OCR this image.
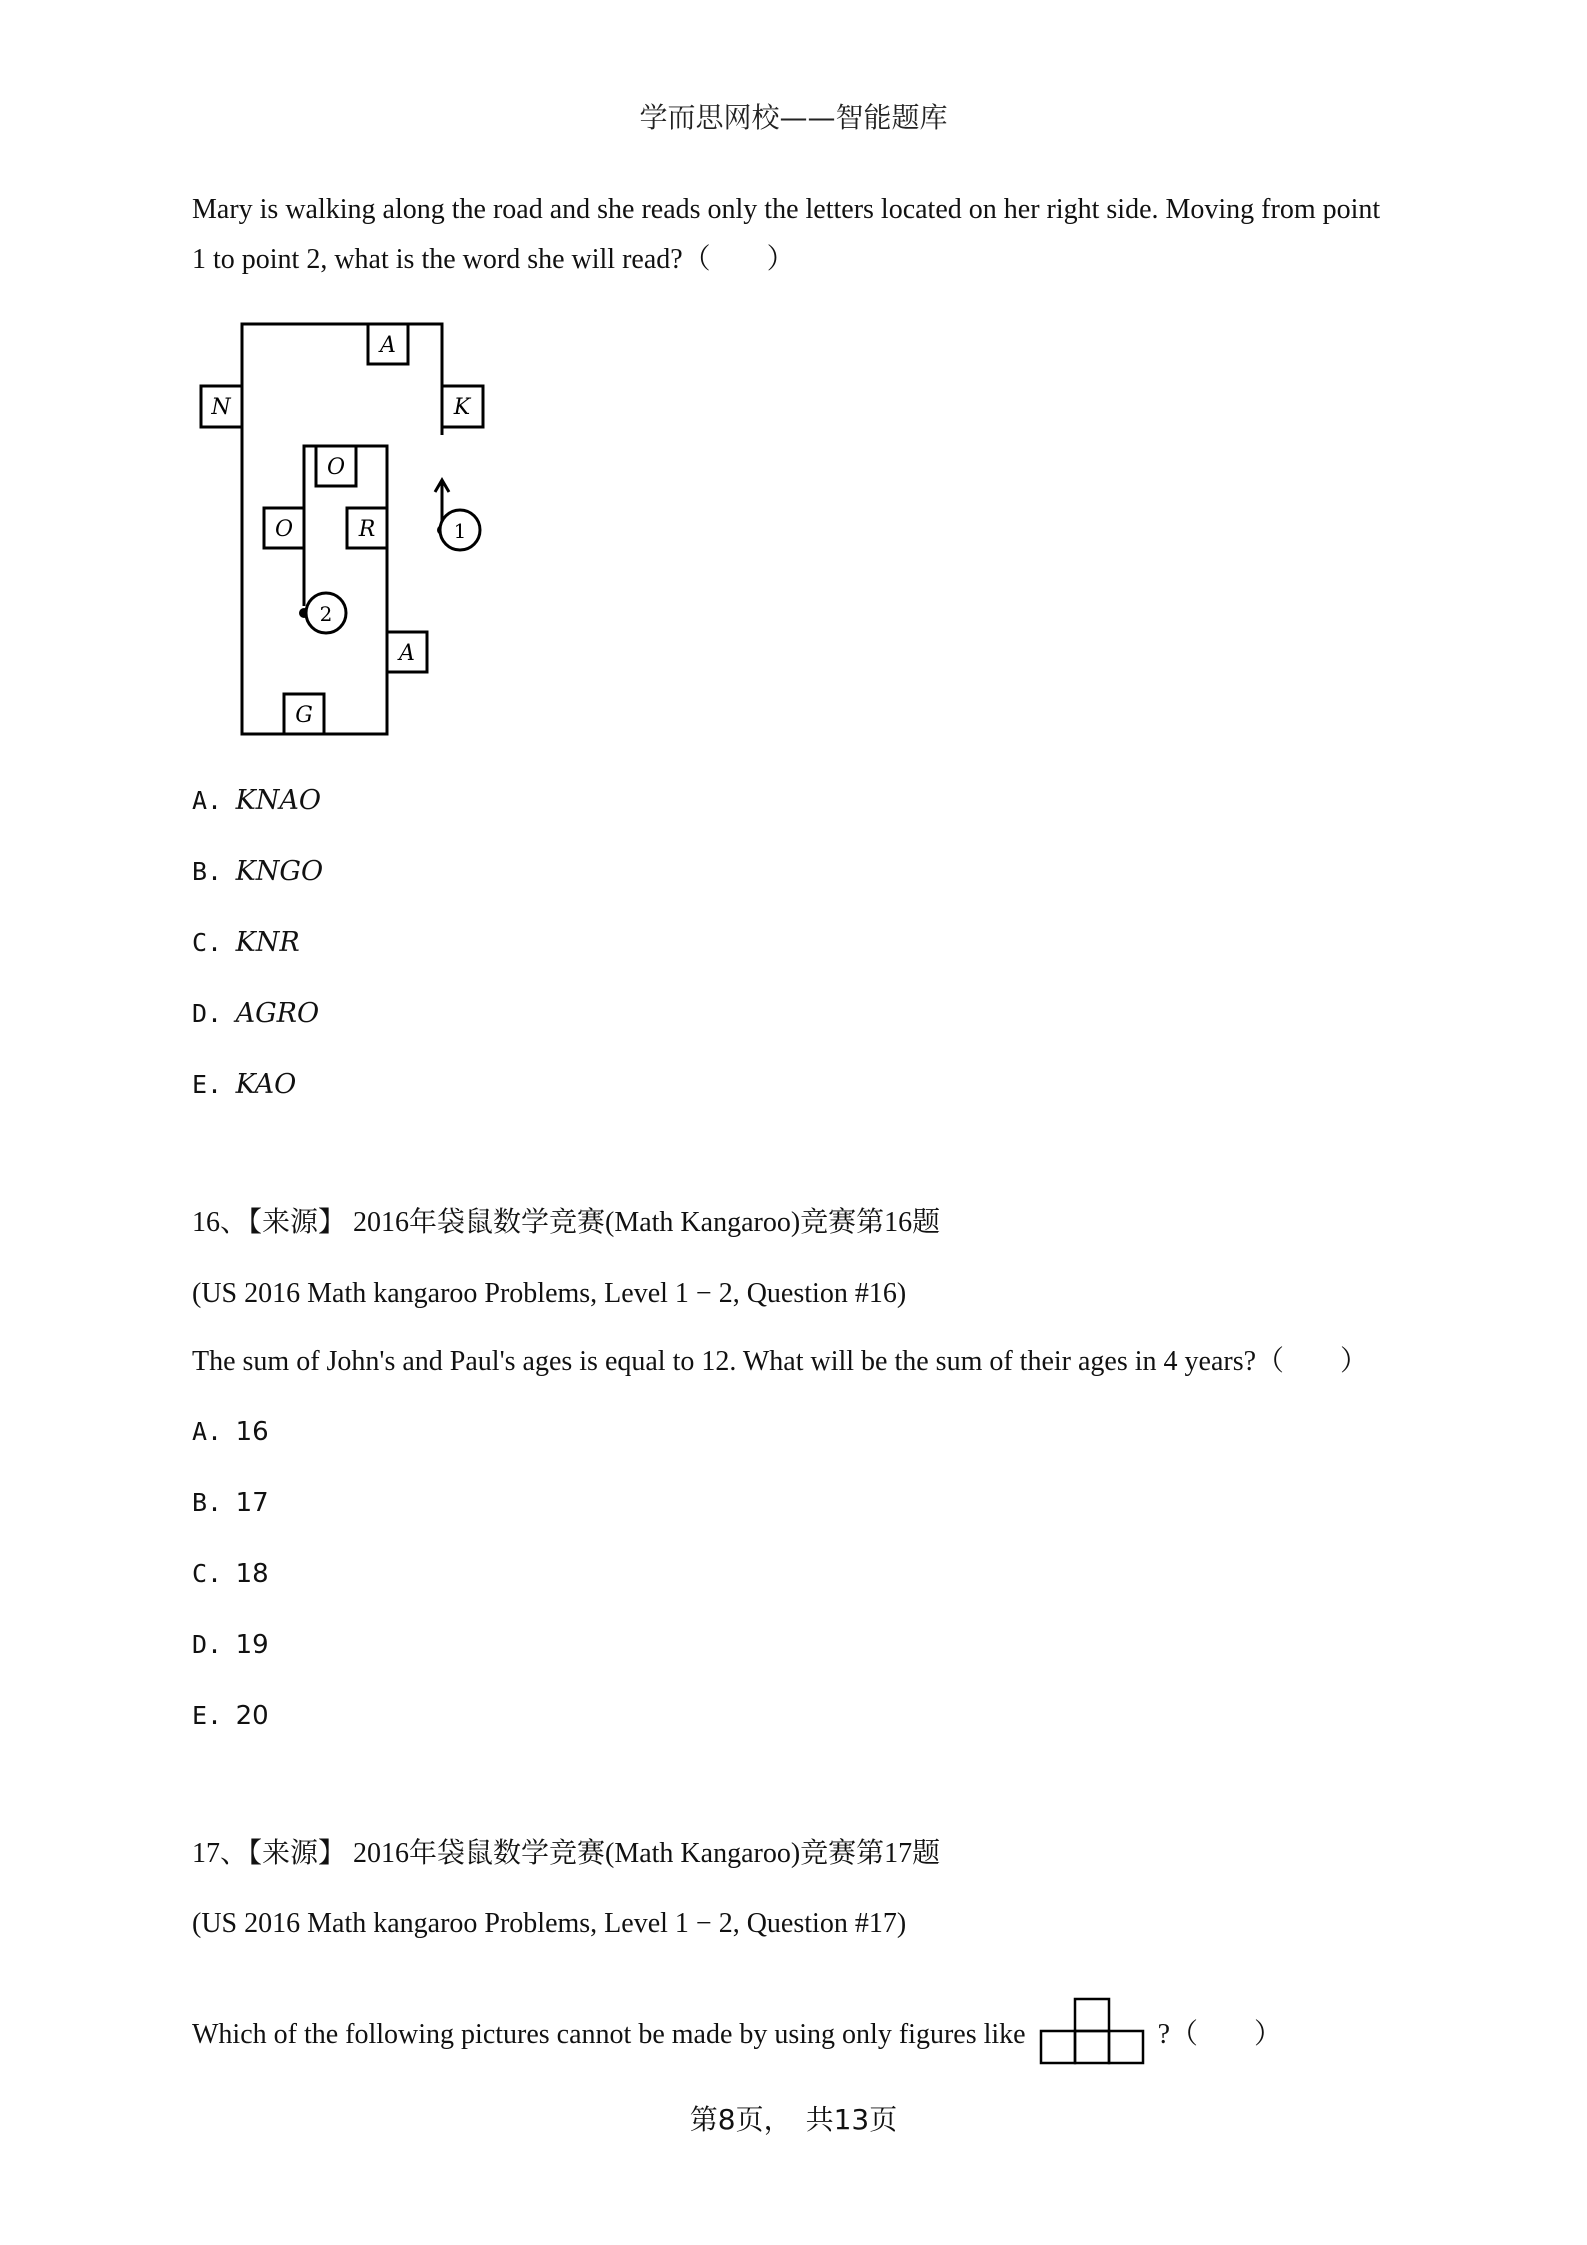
学而思网校——智能题库
Mary is walking along the road and she reads only the letters located on her right side. Moving from point
1 to point 2, what is the word she will read?（　　）
A
N	K
O
O	R
A
G
1
2
A. KNAO
B. KNGO
C. KNR
D. AGRO
E. KAO
16、【来源】 2016年袋鼠数学竞赛(Math Kangaroo)竞赛第16题
(US 2016 Math kangaroo Problems, Level 1 − 2, Question #16)
The sum of John's and Paul's ages is equal to 12. What will be the sum of their ages in 4 years?（　　）
A. 16
B. 17
C. 18
D. 19
E. 20
17、【来源】 2016年袋鼠数学竞赛(Math Kangaroo)竞赛第17题
(US 2016 Math kangaroo Problems, Level 1 − 2, Question #17)
Which of the following pictures cannot be made by using only figures like	?（　　）
第8页，　共13页
